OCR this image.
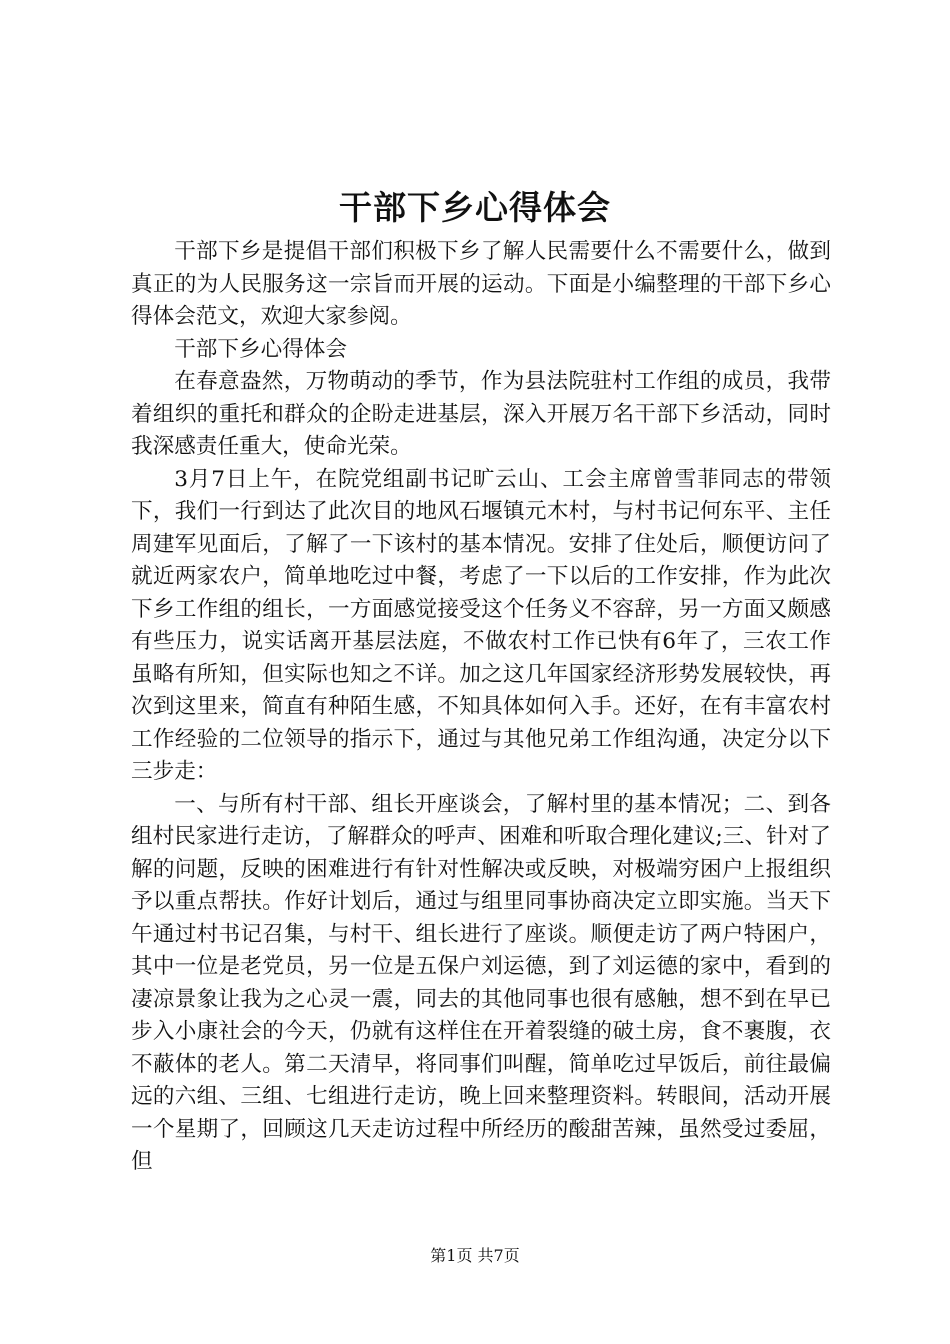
干部下乡心得体会

干部下乡是提倡干部们积极下乡了解人民需要什么不需要什么，做到真正的为人民服务这一宗旨而开展的运动。下面是小编整理的干部下乡心得体会范文，欢迎大家参阅。

干部下乡心得体会

在春意盎然，万物萌动的季节，作为县法院驻村工作组的成员，我带着组织的重托和群众的企盼走进基层，深入开展万名干部下乡活动，同时我深感责任重大，使命光荣。

3月7日上午，在院党组副书记旷云山、工会主席曾雪菲同志的带领下，我们一行到达了此次目的地风石堰镇元木村，与村书记何东平、主任周建军见面后，了解了一下该村的基本情况。安排了住处后，顺便访问了就近两家农户，简单地吃过中餐，考虑了一下以后的工作安排，作为此次下乡工作组的组长，一方面感觉接受这个任务义不容辞，另一方面又颇感有些压力，说实话离开基层法庭，不做农村工作已快有6年了，三农工作虽略有所知，但实际也知之不详。加之这几年国家经济形势发展较快，再次到这里来，简直有种陌生感，不知具体如何入手。还好，在有丰富农村工作经验的二位领导的指示下，通过与其他兄弟工作组沟通，决定分以下三步走：

一、与所有村干部、组长开座谈会，了解村里的基本情况；二、到各组村民家进行走访，了解群众的呼声、困难和听取合理化建议;三、针对了解的问题，反映的困难进行有针对性解决或反映，对极端穷困户上报组织予以重点帮扶。作好计划后，通过与组里同事协商决定立即实施。当天下午通过村书记召集，与村干、组长进行了座谈。顺便走访了两户特困户，其中一位是老党员，另一位是五保户刘运德，到了刘运德的家中，看到的凄凉景象让我为之心灵一震，同去的其他同事也很有感触，想不到在早已步入小康社会的今天，仍就有这样住在开着裂缝的破土房，食不裹腹，衣不蔽体的老人。第二天清早，将同事们叫醒，简单吃过早饭后，前往最偏远的六组、三组、七组进行走访，晚上回来整理资料。转眼间，活动开展一个星期了，回顾这几天走访过程中所经历的酸甜苦辣，虽然受过委屈，但

第1页 共7页
